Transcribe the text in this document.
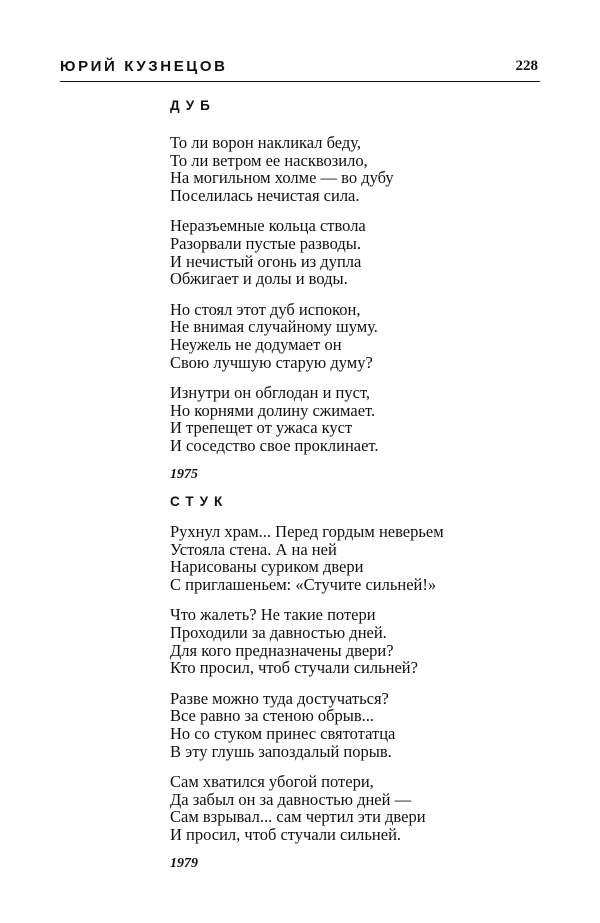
ЮРИЙ КУЗНЕЦОВ	228
ДУБ
То ли ворон накликал беду,
То ли ветром ее насквозило,
На могильном холме — во дубу
Поселилась нечистая сила.
Неразъемные кольца ствола
Разорвали пустые разводы.
И нечистый огонь из дупла
Обжигает и долы и воды.
Но стоял этот дуб испокон,
Не внимая случайному шуму.
Неужель не додумает он
Свою лучшую старую думу?
Изнутри он обглодан и пуст,
Но корнями долину сжимает.
И трепещет от ужаса куст
И соседство свое проклинает.
1975
СТУК
Рухнул храм... Перед гордым неверьем
Устояла стена. А на ней
Нарисованы суриком двери
С приглашеньем: «Стучите сильней!»
Что жалеть? Не такие потери
Проходили за давностью дней.
Для кого предназначены двери?
Кто просил, чтоб стучали сильней?
Разве можно туда достучаться?
Все равно за стеною обрыв...
Но со стуком принес святотатца
В эту глушь запоздалый порыв.
Сам хватился убогой потери,
Да забыл он за давностью дней —
Сам взрывал... сам чертил эти двери
И просил, чтоб стучали сильней.
1979
